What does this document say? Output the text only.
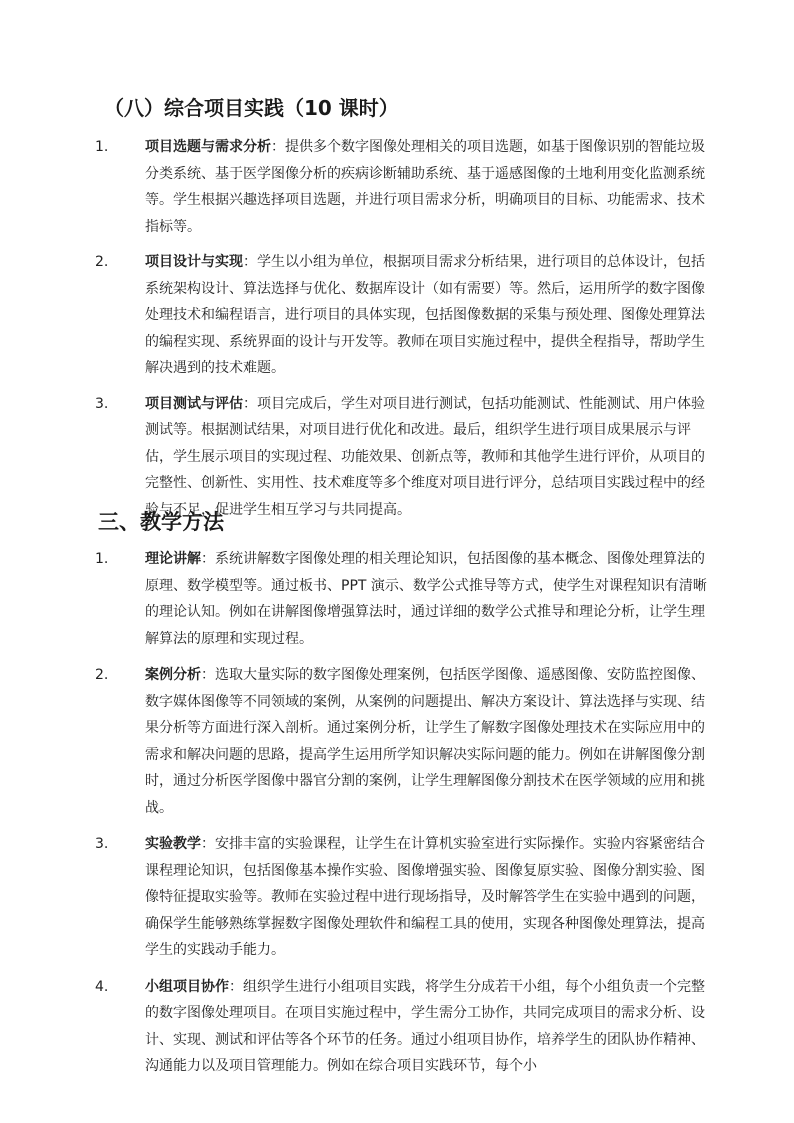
（八）综合项目实践（10 课时）
1.	项目选题与需求分析：提供多个数字图像处理相关的项目选题，如基于图像识别的智能垃圾分类系统、基于医学图像分析的疾病诊断辅助系统、基于遥感图像的土地利用变化监测系统等。学生根据兴趣选择项目选题，并进行项目需求分析，明确项目的目标、功能需求、技术指标等。
2.	项目设计与实现：学生以小组为单位，根据项目需求分析结果，进行项目的总体设计，包括系统架构设计、算法选择与优化、数据库设计（如有需要）等。然后，运用所学的数字图像处理技术和编程语言，进行项目的具体实现，包括图像数据的采集与预处理、图像处理算法的编程实现、系统界面的设计与开发等。教师在项目实施过程中，提供全程指导，帮助学生解决遇到的技术难题。
3.	项目测试与评估：项目完成后，学生对项目进行测试，包括功能测试、性能测试、用户体验测试等。根据测试结果，对项目进行优化和改进。最后，组织学生进行项目成果展示与评估，学生展示项目的实现过程、功能效果、创新点等，教师和其他学生进行评价，从项目的完整性、创新性、实用性、技术难度等多个维度对项目进行评分，总结项目实践过程中的经验与不足，促进学生相互学习与共同提高。
三、教学方法
1.	理论讲解：系统讲解数字图像处理的相关理论知识，包括图像的基本概念、图像处理算法的原理、数学模型等。通过板书、PPT 演示、数学公式推导等方式，使学生对课程知识有清晰的理论认知。例如在讲解图像增强算法时，通过详细的数学公式推导和理论分析，让学生理解算法的原理和实现过程。
2.	案例分析：选取大量实际的数字图像处理案例，包括医学图像、遥感图像、安防监控图像、数字媒体图像等不同领域的案例，从案例的问题提出、解决方案设计、算法选择与实现、结果分析等方面进行深入剖析。通过案例分析，让学生了解数字图像处理技术在实际应用中的需求和解决问题的思路，提高学生运用所学知识解决实际问题的能力。例如在讲解图像分割时，通过分析医学图像中器官分割的案例，让学生理解图像分割技术在医学领域的应用和挑战。
3.	实验教学：安排丰富的实验课程，让学生在计算机实验室进行实际操作。实验内容紧密结合课程理论知识，包括图像基本操作实验、图像增强实验、图像复原实验、图像分割实验、图像特征提取实验等。教师在实验过程中进行现场指导，及时解答学生在实验中遇到的问题，确保学生能够熟练掌握数字图像处理软件和编程工具的使用，实现各种图像处理算法，提高学生的实践动手能力。
4.	小组项目协作：组织学生进行小组项目实践，将学生分成若干小组，每个小组负责一个完整的数字图像处理项目。在项目实施过程中，学生需分工协作，共同完成项目的需求分析、设计、实现、测试和评估等各个环节的任务。通过小组项目协作，培养学生的团队协作精神、沟通能力以及项目管理能力。例如在综合项目实践环节，每个小
